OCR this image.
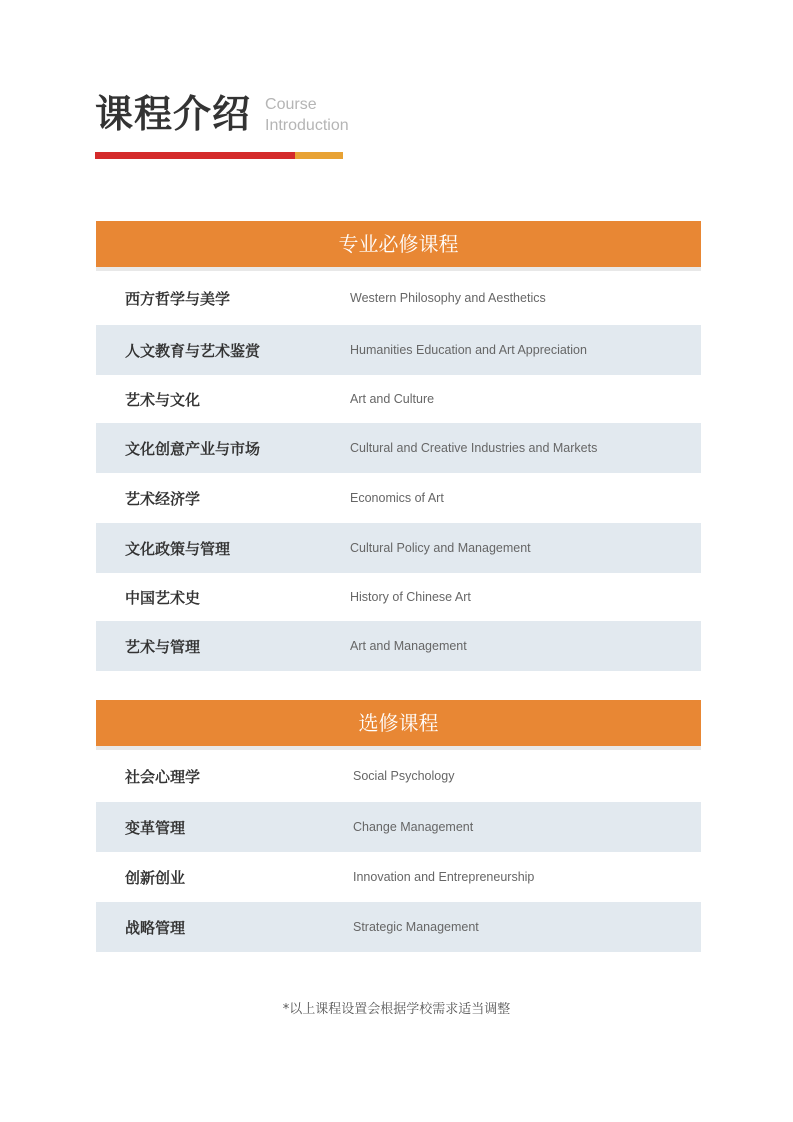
课程介绍 Course
Introduction
专业必修课程
西方哲学与美学	Western Philosophy and Aesthetics
人文教育与艺术鉴赏	Humanities Education and Art Appreciation
艺术与文化	Art and Culture
文化创意产业与市场	Cultural and Creative Industries and Markets
艺术经济学	Economics of Art
文化政策与管理	Cultural Policy and Management
中国艺术史	History of Chinese Art
艺术与管理	Art and Management
选修课程
社会心理学	Social Psychology
变革管理	Change Management
创新创业	Innovation and Entrepreneurship
战略管理	Strategic Management
*以上课程设置会根据学校需求适当调整
